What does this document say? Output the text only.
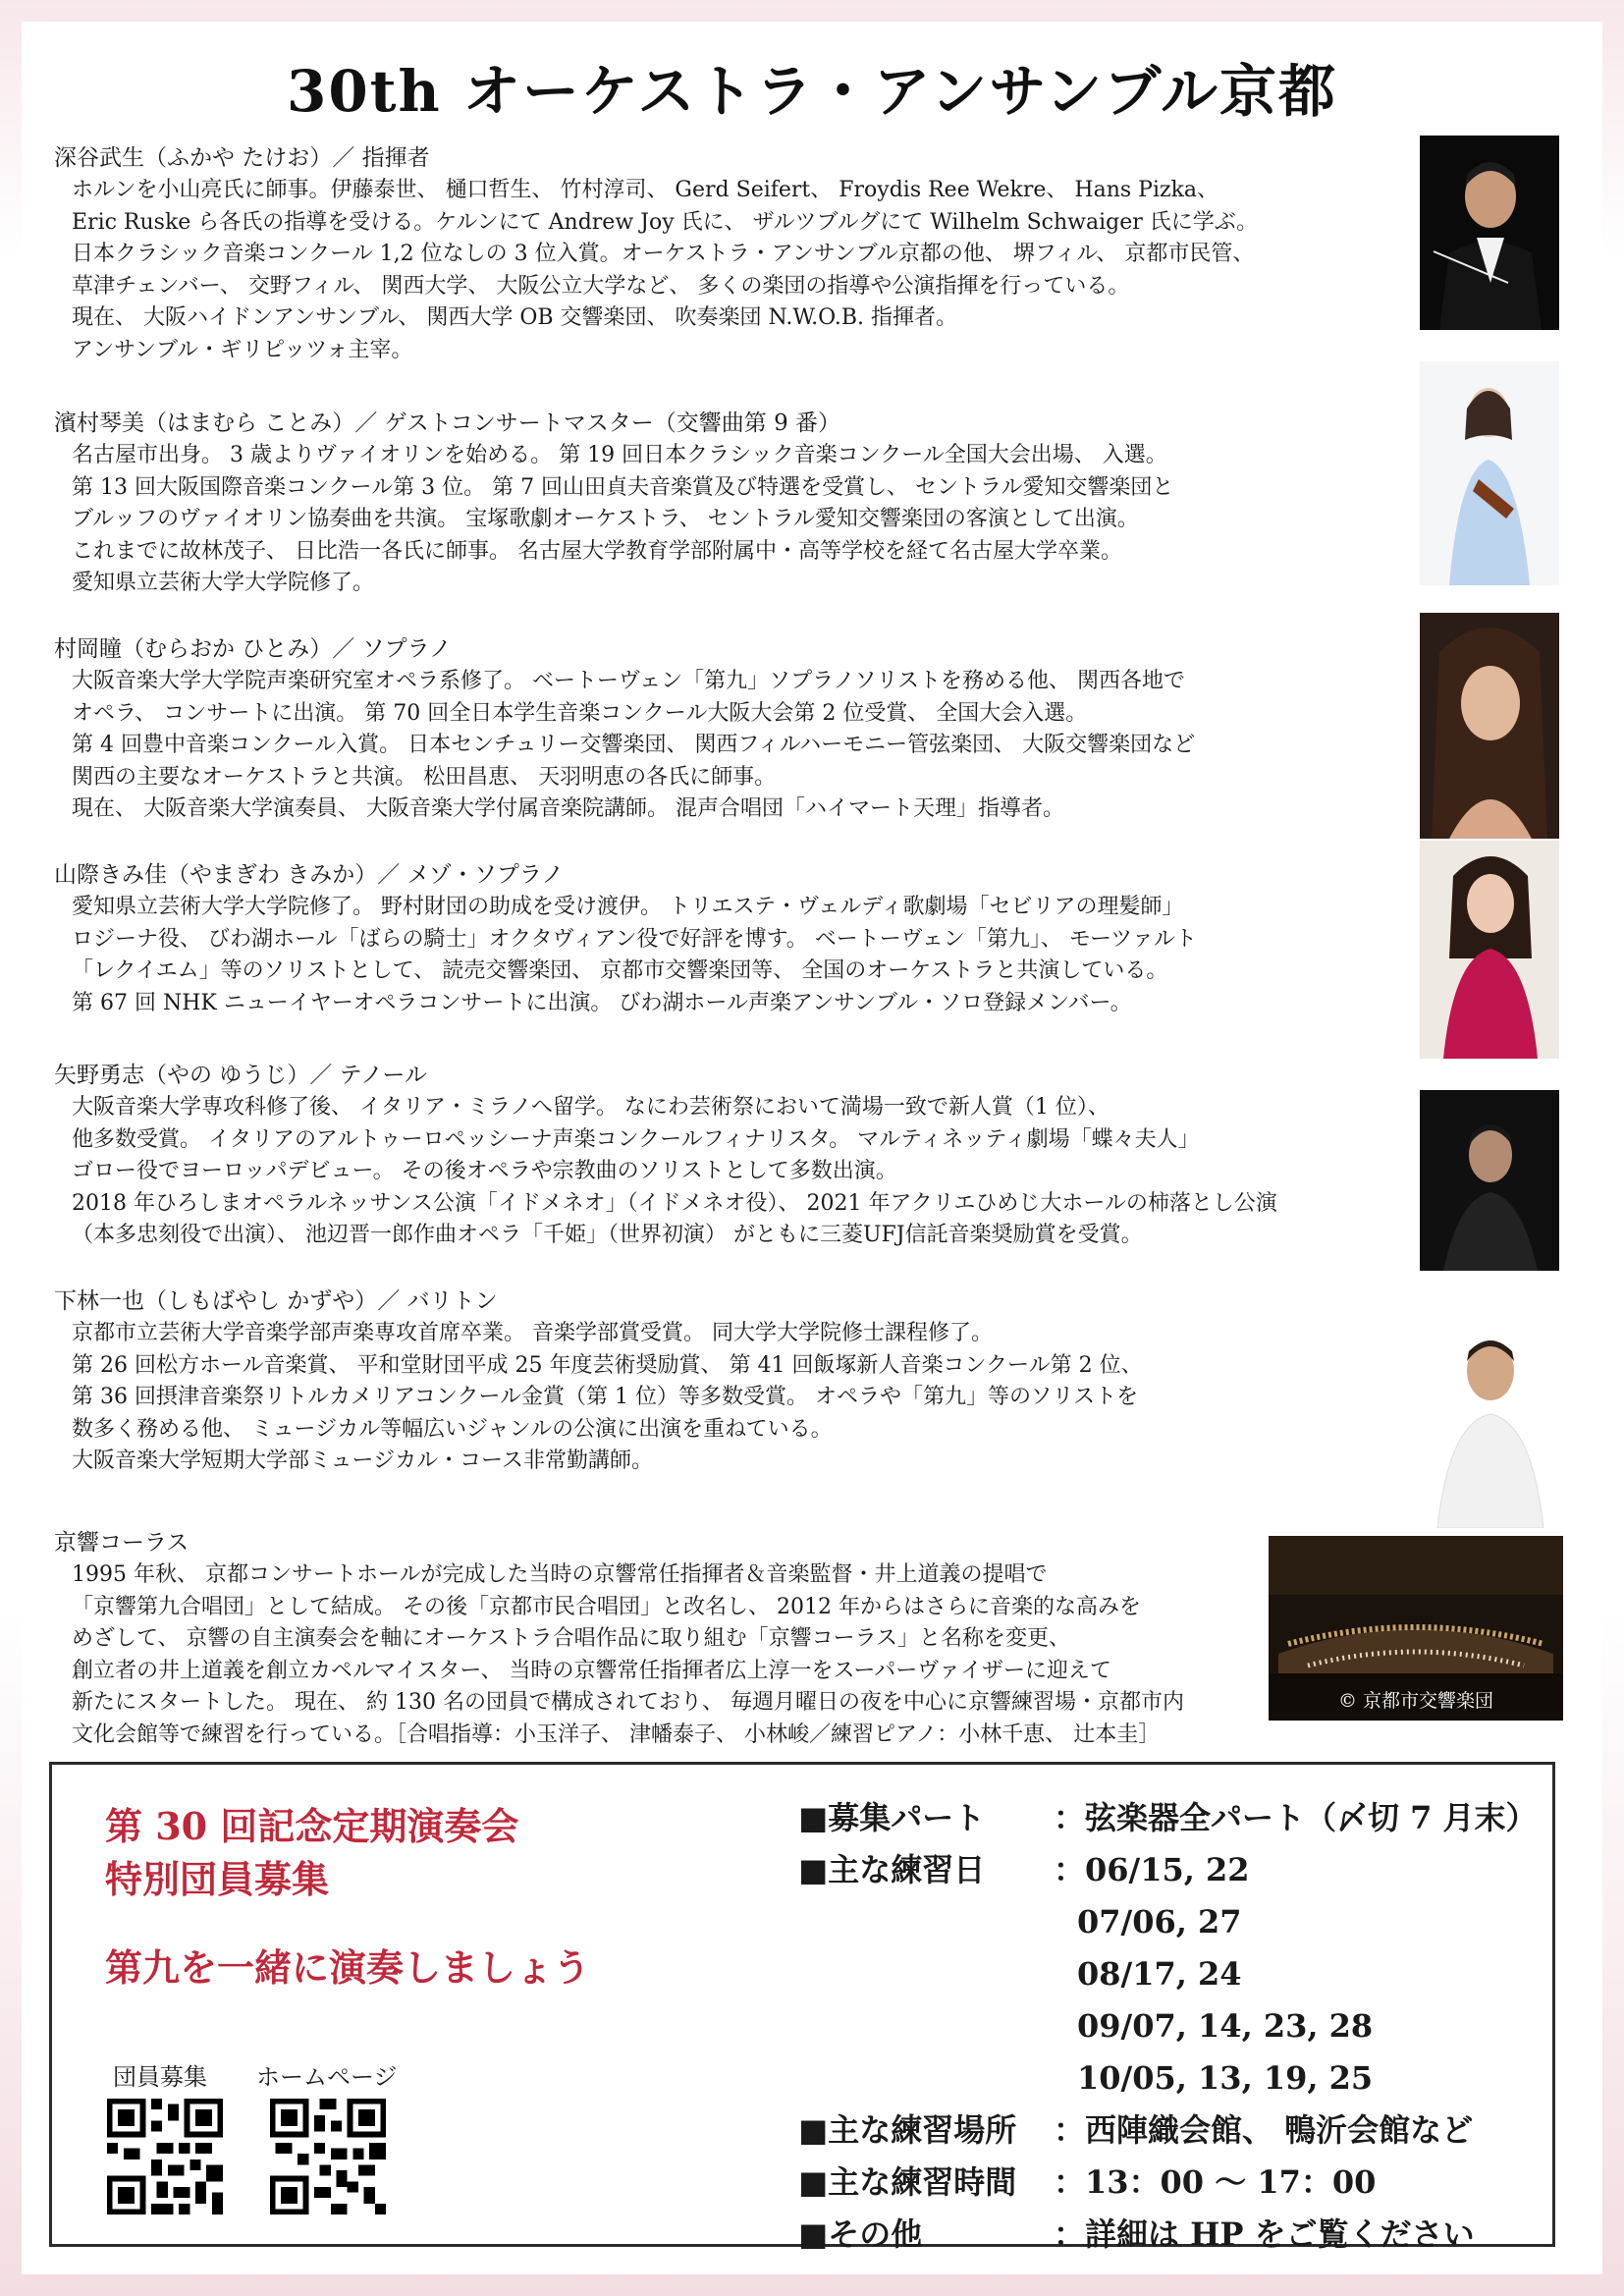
30th オーケストラ・アンサンブル京都
深谷武生（ふかや たけお）／ 指揮者
ホルンを小山亮氏に師事。伊藤泰世、 樋口哲生、 竹村淳司、 Gerd Seifert、 Froydis Ree Wekre、 Hans Pizka、
Eric Ruske ら各氏の指導を受ける。ケルンにて Andrew Joy 氏に、 ザルツブルグにて Wilhelm Schwaiger 氏に学ぶ。
日本クラシック音楽コンクール 1,2 位なしの 3 位入賞。オーケストラ・アンサンブル京都の他、 堺フィル、 京都市民管、
草津チェンバー、 交野フィル、 関西大学、 大阪公立大学など、 多くの楽団の指導や公演指揮を行っている。
現在、 大阪ハイドンアンサンブル、 関西大学 OB 交響楽団、 吹奏楽団 N.W.O.B. 指揮者。
アンサンブル・ギリピッツォ主宰。
濱村琴美（はまむら ことみ）／ ゲストコンサートマスター（交響曲第 9 番）
名古屋市出身。 3 歳よりヴァイオリンを始める。 第 19 回日本クラシック音楽コンクール全国大会出場、 入選。
第 13 回大阪国際音楽コンクール第 3 位。 第 7 回山田貞夫音楽賞及び特選を受賞し、 セントラル愛知交響楽団と
ブルッフのヴァイオリン協奏曲を共演。 宝塚歌劇オーケストラ、 セントラル愛知交響楽団の客演として出演。
これまでに故林茂子、 日比浩一各氏に師事。 名古屋大学教育学部附属中・高等学校を経て名古屋大学卒業。
愛知県立芸術大学大学院修了。
村岡瞳（むらおか ひとみ）／ ソプラノ
大阪音楽大学大学院声楽研究室オペラ系修了。 ベートーヴェン「第九」ソプラノソリストを務める他、 関西各地で
オペラ、 コンサートに出演。 第 70 回全日本学生音楽コンクール大阪大会第 2 位受賞、 全国大会入選。
第 4 回豊中音楽コンクール入賞。 日本センチュリー交響楽団、 関西フィルハーモニー管弦楽団、 大阪交響楽団など
関西の主要なオーケストラと共演。 松田昌恵、 天羽明恵の各氏に師事。
現在、 大阪音楽大学演奏員、 大阪音楽大学付属音楽院講師。 混声合唱団「ハイマート天理」指導者。
山際きみ佳（やまぎわ きみか）／ メゾ・ソプラノ
愛知県立芸術大学大学院修了。 野村財団の助成を受け渡伊。 トリエステ・ヴェルディ歌劇場「セビリアの理髪師」
ロジーナ役、 びわ湖ホール「ばらの騎士」オクタヴィアン役で好評を博す。 ベートーヴェン「第九」、 モーツァルト
「レクイエム」等のソリストとして、 読売交響楽団、 京都市交響楽団等、 全国のオーケストラと共演している。
第 67 回 NHK ニューイヤーオペラコンサートに出演。 びわ湖ホール声楽アンサンブル・ソロ登録メンバー。
矢野勇志（やの ゆうじ）／ テノール
大阪音楽大学専攻科修了後、 イタリア・ミラノへ留学。 なにわ芸術祭において満場一致で新人賞（1 位）、
他多数受賞。 イタリアのアルトゥーロペッシーナ声楽コンクールフィナリスタ。 マルティネッティ劇場「蝶々夫人」
ゴロー役でヨーロッパデビュー。 その後オペラや宗教曲のソリストとして多数出演。
2018 年ひろしまオペラルネッサンス公演「イドメネオ」（イドメネオ役）、 2021 年アクリエひめじ大ホールの柿落とし公演
（本多忠刻役で出演）、 池辺晋一郎作曲オペラ「千姫」（世界初演） がともに三菱UFJ信託音楽奨励賞を受賞。
下林一也（しもばやし かずや）／ バリトン
京都市立芸術大学音楽学部声楽専攻首席卒業。 音楽学部賞受賞。 同大学大学院修士課程修了。
第 26 回松方ホール音楽賞、 平和堂財団平成 25 年度芸術奨励賞、 第 41 回飯塚新人音楽コンクール第 2 位、
第 36 回摂津音楽祭リトルカメリアコンクール金賞（第 1 位）等多数受賞。 オペラや「第九」等のソリストを
数多く務める他、 ミュージカル等幅広いジャンルの公演に出演を重ねている。
大阪音楽大学短期大学部ミュージカル・コース非常勤講師。
京響コーラス
1995 年秋、 京都コンサートホールが完成した当時の京響常任指揮者＆音楽監督・井上道義の提唱で
「京響第九合唱団」として結成。 その後「京都市民合唱団」と改名し、 2012 年からはさらに音楽的な高みを
めざして、 京響の自主演奏会を軸にオーケストラ合唱作品に取り組む「京響コーラス」と名称を変更、
創立者の井上道義を創立カペルマイスター、 当時の京響常任指揮者広上淳一をスーパーヴァイザーに迎えて
新たにスタートした。 現在、 約 130 名の団員で構成されており、 毎週月曜日の夜を中心に京響練習場・京都市内
文化会館等で練習を行っている。［合唱指導：小玉洋子、 津幡泰子、 小林峻／練習ピアノ：小林千恵、 辻本圭］
© 京都市交響楽団
第 30 回記念定期演奏会
特別団員募集
第九を一緒に演奏しましょう
団員募集 ホームページ
■募集パート	：弦楽器全パート（〆切 7 月末）
■主な練習日	：06/15, 22
07/06, 27
08/17, 24
09/07, 14, 23, 28
10/05, 13, 19, 25
■主な練習場所	：西陣織会館、 鴨沂会館など
■主な練習時間	：13：00 〜 17：00
■その他	：詳細は HP をご覧ください
